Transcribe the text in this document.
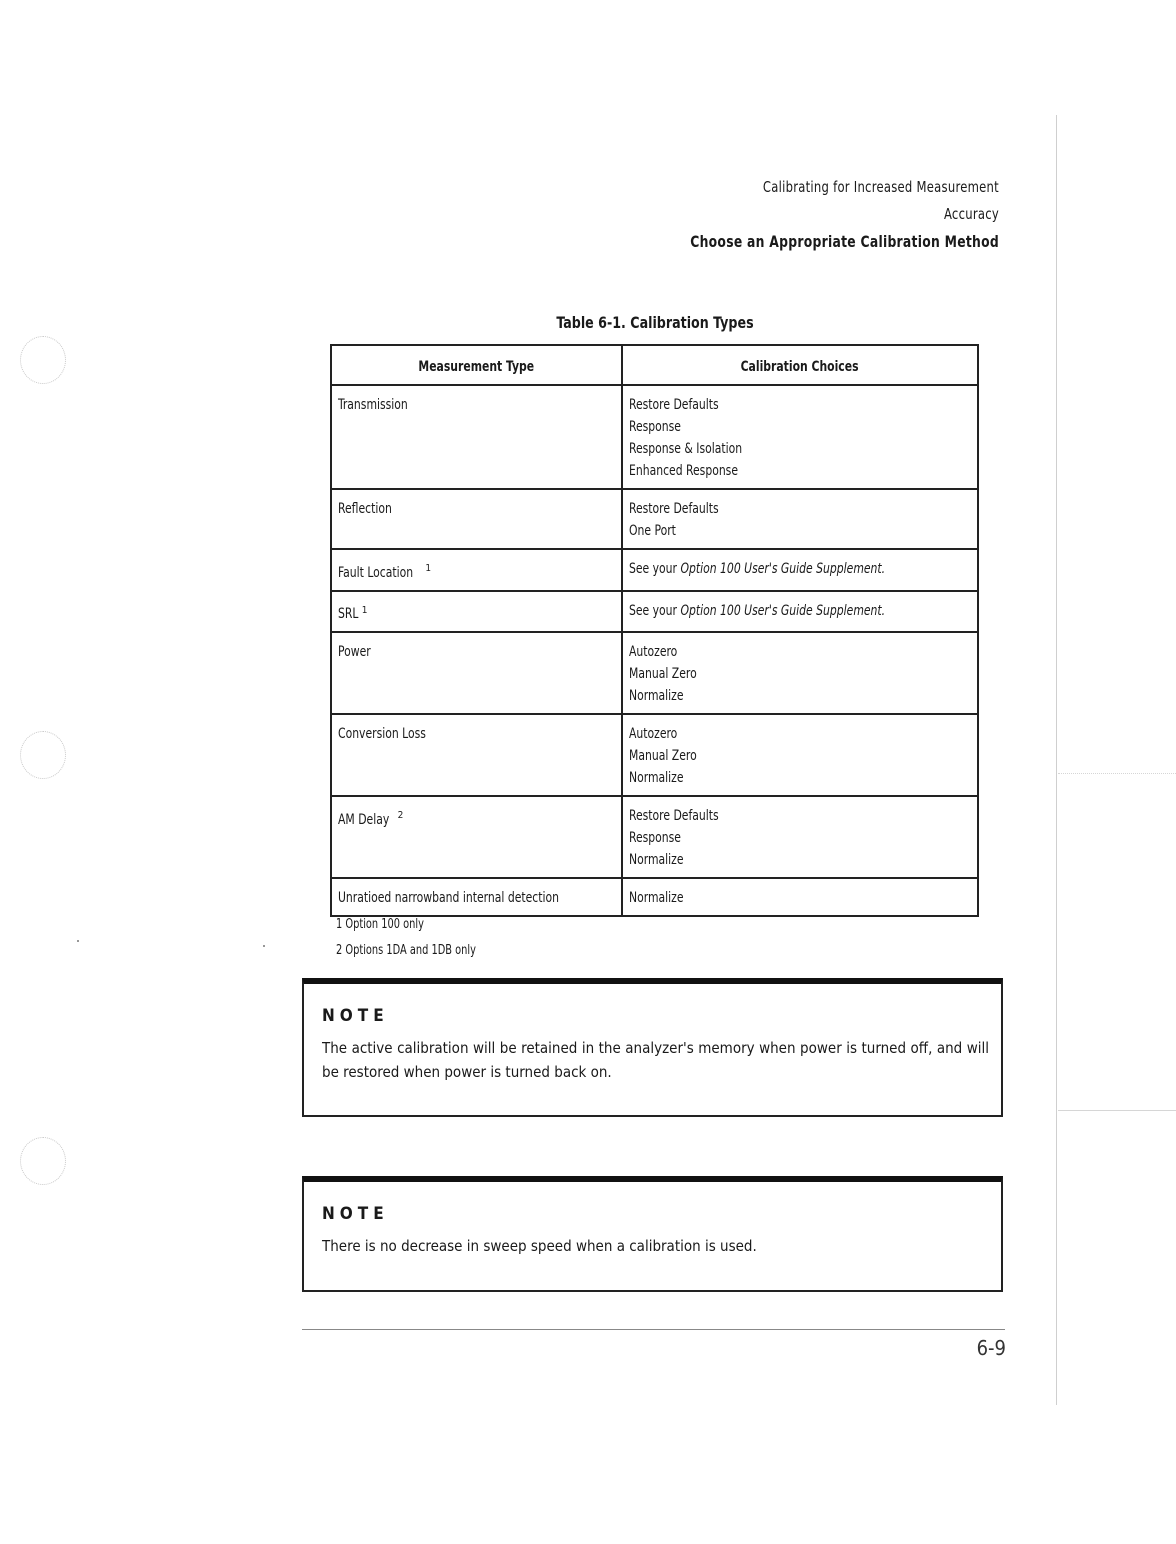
Calibrating for Increased Measurement
Accuracy
Choose an Appropriate Calibration Method
Table 6-1. Calibration Types
Measurement Type	Calibration Choices
Transmission	Restore Defaults
Response
Response & Isolation
Enhanced Response

Reflection	Restore Defaults
One Port

Fault Location $^1$	See your Option 100 User's Guide Supplement.
SRL $^1$	See your Option 100 User's Guide Supplement.
Power	Autozero
Manual Zero
Normalize

Conversion Loss	Autozero
Manual Zero
Normalize

AM Delay $^2$	Restore Defaults
Response
Normalize

Unratioed narrowband internal detection	Normalize
1 Option 100 only
2 Options 1DA and 1DB only
NOTE
The active calibration will be retained in the analyzer's memory when power is turned off, and will be restored when power is turned back on.
NOTE
There is no decrease in sweep speed when a calibration is used.
6-9
